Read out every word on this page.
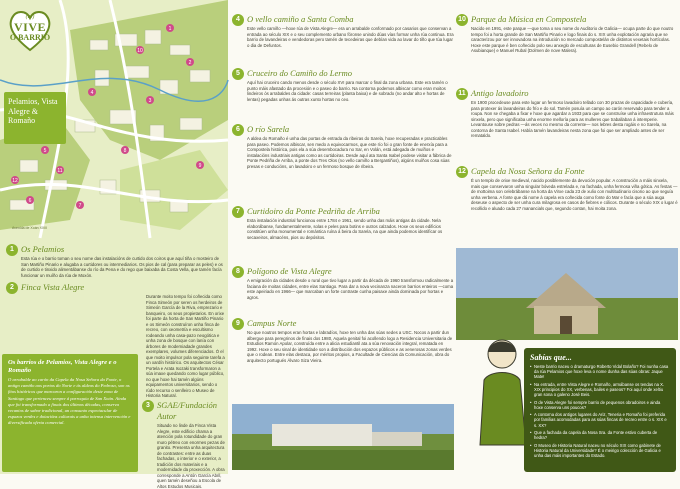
1
2
3
4
5
6
7
8
9
10
11
12
Avenida de Xoán XXIII
(re)
VIVE
O BARRIO
Pelamios, Vista Alegre & Romaño
1 Os Pelamios
Esta rúa e o barrio toman o seu nome das instalacións de curtido dos coiros que aquí tiña o mosteiro de San Martiño Pinario e alugaba a curtidores ou intermediarios. Os pios de cal (para preparar as peles) e os de curtido e tinxido alimentábanse do río da Pena e do rego que baixaba da Costa Vella, que tamén facía funcionar un muíño da rúa de Moxón.
2 Finca Vista Alegre
Durante moito tempo foi coñecida como Finca Simeón por seren os herdeiros de Simeón García de la Riva, emprezario e banqueiro, os seus propietarios. En orixe foi parte da horta de San Martiño Pinario e os Simeón construíron unha finca de recreo, con xeometría e escultismo rodeando unha casa-pazo neogótica e unha zona de bosque con lanía con árbores de moderniadade grandes exemplares, volumes diferenciados. Ó el que moito impulsor pola seguinte tarefa a un xardín histórico. Os arquitectos César Portela e Arata Isozaki transformaron a súa imaxe quedando como lugar público, no que hoxe hai tamén algúns equipamentos universitarios, sendo o rúdo recurso o senlleiro o Museo de Historia Natural.
Os barrios de Pelamios, Vista Alegre e o Romaño
O arrabalde ao carón da Capela da Nosa Señora da Fonte, o antigo camiño aos portos do Norte e ás aldeas do Pedroso, son os fitos históricos que marcaron a configuración deste zona de Santiago que pertenceu sempre á parroquia de San Xoán. Ainda que foi transformado a finais dos últimos décadas, conserva recantos de sabor tradicional, un conxunto espectacular de espazos verdes e dotacións culturais a unha intensa intervención e diversificada oferta comercial.
3 SGAE/Fundación Autor
Situado no linde da Finca Vista Alegre, este edificio chama a atención pola rotundidade do gran muro pétreo con enormes pezas de granito. Presenta unha arquitectura de contrastes: entre as duas fachadas, o interior e o exterior, a tradición dos materiais e a modernidade da proxección. A obra corresponde a Antón García Abril, quen tamén deseñou a Escola de Altos Estudos Musicais.
4 O vello camiño a Santa Comba
Este vello camiño —hoxe rúa de Vista Alegre— era un arrabalde conformado por casarios que conservan a entrada ao século XIX e o seu complemento urbano fóronse unindo dúas vías formar unha rúa continua. Era barrio de lavandeiras e vendedoras pero tamén de tecedeiras que debían vida ao lavar do tiño que túa lugar o dia de Defuntos.
5 Cruceiro do Camiño do Lermo
Aquí hai cruceiro cando menos desde o século XVI para marcar o final da zona urbana. Este era tamén o punto máis afastado da procesión e o paseo do barrio. Na contorna podemos albiscar como eran moitos lindeiros ós arrabaldes da cidade: casas terreiras (planta baixa) e de sobrado (no andar alto e hortas de lentas) pegadas unhas ás outras xunto hortas no ceo.
6 O río Sarela
A aldea do Romaño é unha das portas de entrada da ribeiras do Sarela, hoxe recuperadas e practicables para paseo. Podemos albiscar, sen medo a equivocarmos, que este río foi o gran fonte de enerxía para a Compostela histórica, pois ela a súa desembocadura no Sar, en Volán, está adegada de muíños e instalacións industriais antigas como as curtidoiras. Desde aquí ata Santa Isabel podese visitar a fábrica de Ponte Pedriña de Arriba, a ponte dos Tres Olos (no vello camiño a Bergantiños), algúns muíños cosa súas presas e conducións, un lavadoiro e un fermoso bosque de ribeira.
7 Curtidoiro da Ponte Pedriña de Arriba
Esta instalación industrial funcionou entre 1784 e 1961, sendo unha das máis antigas da cidade. Nela elaborábanse, fundamentalmente, solas e peles para botins e outros calzados. Hoxe os seus edificios constitúen unha monumental e romántica ruína á beira do Sarela, na que ainda podemos identificar os secaxeiros, almacéns, pios ou depósitos.
8 Polígono de Vista Alegre
A emigración da cidades desde o rural que tivo lugar a partir da década de 1960 transformou radicalmente a faciana de moitas cidades, entre elas Santiago. Para dar a nova vecinanza naceron barrios enteiros —coma este apeiriado en 1966— que marcaban un forte contraste cunha paisaxe ainda dominada por hortas e agros.
9 Campus Norte
No que noutros tempos eran hortas e labradíos, hoxe ten unha das súas sedes a USC. Nocos a partir dun albergue para peregrinos de finais dos 1980, Aquela genital foi acollendo logo a Residencia Universitaria de Estudios Ramón Apolar, construída entre a alicia estudiantil ata a súa renovación integral, rematada en 1992. Hoxe o seu sinal de identidade son a distribución dos espazos públicos e as xenerosas zonas verdes que o rodean. Entre elas destaca, por méritos propios, a Facultade de Ciencias da Comunicación, obra do arquitecto portugués Álvaro Siza Vieira.
10 Parque da Música en Compostela
Nacido en 1991, este parque —que toma o seu nome do Auditorio de Galicia— ocupa parte do que noutro tempo foi a horta grande de San Martiño Pinario e logo finais do s. XIX unha explotación agraria que se caracterizou por ser innovadora na introdución no mercado compostelán de distintos vexetais hortícolas. Hoxe este parque é ben coñecido polo seu anxeglo de esculturas de Eusebio Grandell (Rebelo de Asubianque) e Manuel Rubal (Dolmen de nove Malera).
11 Antigo lavadoiro
En 1900 procedeuse para este lugar un fermoso lavadoiro tellado con 30 prazas de capacidade e cubería, para protexer ás lavandeiras do frío e do sol. Tamén posuía un campo ao carón reservado para tender a roupa. Non se chegaba a fixar e hoxe que agardar a 1933 para que se construíse unha infraestrutura máis sinxela, pero que significaba unha enorme melloría para as mulleres que traballaban á intemperie. Levantouse sobre pedras —ás veces no mesmo da corrente— nos lebres desta rogáis e no Sarela, na contorna de Santa Isabel. Había tamén lavandeiras nesta zona que foi que ser ampliado antes de ser remataldo.
12 Capela da Nosa Señora da Fonte
É un templo de orixe medieval, nacido posiblemente da devoción popular. A construción a máis sinxela, mais que conservaron unha singular bóveda estrelada e, na fachada, unha fermosa viña gótica. As festas —de mottoima son celebrábanse na horta da Virxe cada 23 de xulio con multitudinario cisorio ao que seguía unha verbena. A fonte que dá nome á capela era coñecida como fonte do Mar e facía que a súa auga deseuse o aspecto de ser unha cura milagrosa en casos de fiebres e cólicos. Durante o século XIX o lugar é recollido e aluado cada 27 manancials que, segundo contan, hai moita zona.
Sabías que...
• Neste barrio naceu o dramaturgo Roberto Vidal Bolaño? Foi nunha casa da rúa Pelamios que hoxe leva o nome dunha das súas obras: Jaque Mate!
• Na entrada, entre Vista Alegre e Romaño, armábanse os tendas na X. XIX principios do XX, verbenas, bailes e paseos? Foi aquí onde xeltiu gran sona o galeno José Beis.
• O de Vista Alegre foi sempre barrio de pequenos obradoiros e ainda hoxe conserva uns poucos?
• A contorna dos antigos lugares do Ariz, Teneria e Romaño foi preferida por familias acomodadas para as súas fincas de recreo entre o s. XIX e s. XX?
• Que a fachada da capela da Nosa Sra. da Fonte estivo cuberta de hedra?
• O Museo de Historia Natural naceu no século XIX como gabinete de Historia Natural da Universidade? É o meirigo colección de Galicia e unha das máis importantes do Estado.
